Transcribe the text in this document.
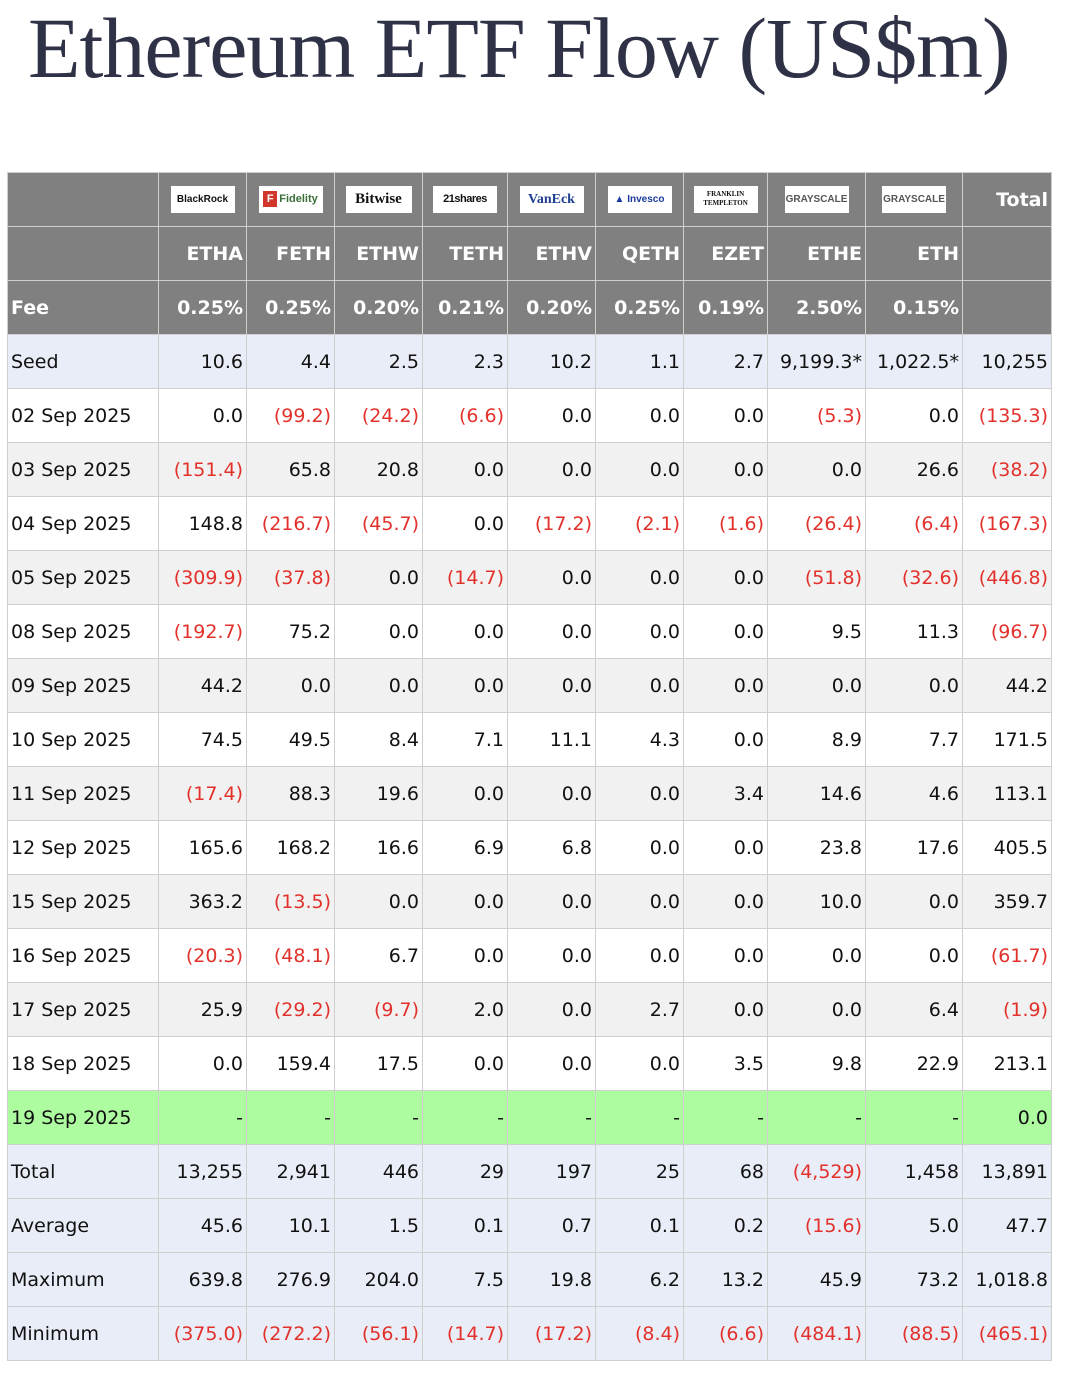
Ethereum ETF Flow (US$m)
	BlackRock	F Fidelity	Bitwise	21shares	VanEck	▲ Invesco	FRANKLIN TEMPLETON	GRAYSCALE	GRAYSCALE	Total
	ETHA	FETH	ETHW	TETH	ETHV	QETH	EZET	ETHE	ETH	
Fee	0.25%	0.25%	0.20%	0.21%	0.20%	0.25%	0.19%	2.50%	0.15%	
Seed	10.6	4.4	2.5	2.3	10.2	1.1	2.7	9,199.3*	1,022.5*	10,255
02 Sep 2025	0.0	(99.2)	(24.2)	(6.6)	0.0	0.0	0.0	(5.3)	0.0	(135.3)
03 Sep 2025	(151.4)	65.8	20.8	0.0	0.0	0.0	0.0	0.0	26.6	(38.2)
04 Sep 2025	148.8	(216.7)	(45.7)	0.0	(17.2)	(2.1)	(1.6)	(26.4)	(6.4)	(167.3)
05 Sep 2025	(309.9)	(37.8)	0.0	(14.7)	0.0	0.0	0.0	(51.8)	(32.6)	(446.8)
08 Sep 2025	(192.7)	75.2	0.0	0.0	0.0	0.0	0.0	9.5	11.3	(96.7)
09 Sep 2025	44.2	0.0	0.0	0.0	0.0	0.0	0.0	0.0	0.0	44.2
10 Sep 2025	74.5	49.5	8.4	7.1	11.1	4.3	0.0	8.9	7.7	171.5
11 Sep 2025	(17.4)	88.3	19.6	0.0	0.0	0.0	3.4	14.6	4.6	113.1
12 Sep 2025	165.6	168.2	16.6	6.9	6.8	0.0	0.0	23.8	17.6	405.5
15 Sep 2025	363.2	(13.5)	0.0	0.0	0.0	0.0	0.0	10.0	0.0	359.7
16 Sep 2025	(20.3)	(48.1)	6.7	0.0	0.0	0.0	0.0	0.0	0.0	(61.7)
17 Sep 2025	25.9	(29.2)	(9.7)	2.0	0.0	2.7	0.0	0.0	6.4	(1.9)
18 Sep 2025	0.0	159.4	17.5	0.0	0.0	0.0	3.5	9.8	22.9	213.1
19 Sep 2025	-	-	-	-	-	-	-	-	-	0.0
Total	13,255	2,941	446	29	197	25	68	(4,529)	1,458	13,891
Average	45.6	10.1	1.5	0.1	0.7	0.1	0.2	(15.6)	5.0	47.7
Maximum	639.8	276.9	204.0	7.5	19.8	6.2	13.2	45.9	73.2	1,018.8
Minimum	(375.0)	(272.2)	(56.1)	(14.7)	(17.2)	(8.4)	(6.6)	(484.1)	(88.5)	(465.1)
